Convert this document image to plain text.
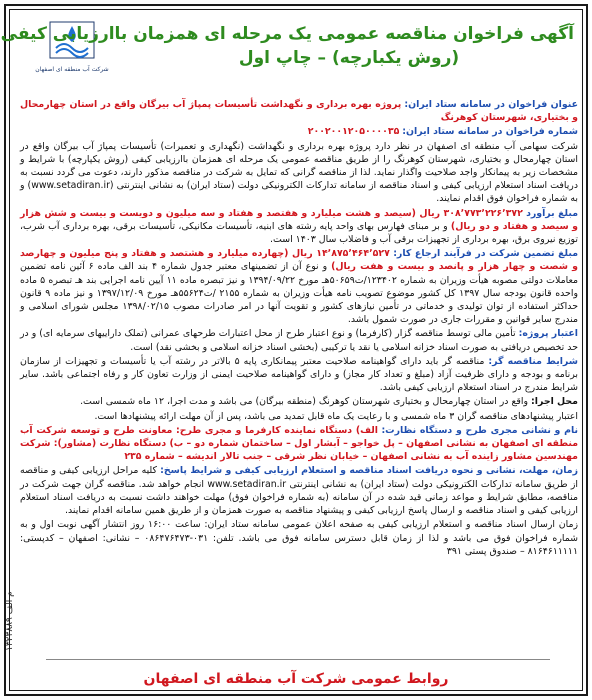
م الف ۱۳۲۳۸۸۹
شرکت آب منطقه ای اصفهان
آگهی فراخوان مناقصه عمومی یک مرحله ای همزمان باارزیابی کیفی
(روش یکبارچه) – چاپ اول

عنوان فراخوان در سامانه ستاد ایران: پروژه بهره برداری و نگهداشت تأسیسات پمپاژ آب بیرگان واقع در استان چهارمحال و بختیاری، شهرستان کوهرنگ

شماره فراخوان در سامانه ستاد ایران: ۲۰۰۲۰۰۱۲۰۵۰۰۰۰۳۵

شرکت سهامی آب منطقه ای اصفهان در نظر دارد پروژه بهره برداری و نگهداشت (نگهداری و تعمیرات) تأسیسات پمپاژ آب بیرگان واقع در استان چهارمحال و بختیاری، شهرستان کوهرنگ را از طریق مناقصه عمومی یک مرحله ای همزمان باارزیابی کیفی (روش یکپارچه) با شرایط و مشخصات زیر به پیمانکار واجد صلاحیت واگذار نماید. لذا از مناقصه گرانی که تمایل به شرکت در مناقصه مذکور دارند، دعوت می گردد نسبت به دریافت اسناد استعلام ارزیابی کیفی و اسناد مناقصه از سامانه تدارکات الکترونیکی دولت (ستاد ایران) به نشانی اینترنتی (www.setadiran.ir) و به شماره فراخوان فوق اقدام نمایند.

مبلغ برآورد ۳۰۸٬۷۷۳٬۲۲۶٬۳۷۲ ریال (سیصد و هشت میلیارد و هفتصد و هفتاد و سه میلیون و دویست و بیست و شش هزار و سیصد و هفتاد و دو ریال) و بر مبنای فهارس بهای واحد پایه رشته های ابنیه، تأسیسات مکانیکی، تأسیسات برقی، بهره برداری آب شرب، توزیع نیروی برق، بهره برداری از تجهیزات برقی آب و فاضلاب سال ۱۴۰۳ است.

مبلغ تضمین شرکت در فرآیند ارجاع کار: ۱۴٬۸۷۵٬۴۶۴٬۵۲۷ ریال (چهارده میلیارد و هشتصد و هفتاد و پنج میلیون و چهارصد و شصت و چهار هزار و پانصد و بیست و هفت ریال) و نوع آن از تضمینهای معتبر جدول شماره ۴ بند الف ماده ۶ آئین نامه تضمین معاملات دولتی مصوبه هیأت وزیران به شماره ۱۲۳۴۰۲/ت۵۰۶۵۹هـ مورخ ۱۳۹۴/۰۹/۲۲ و نیز تبصره ماده ۱۱ آیین نامه اجرایی بند هـ تبصره ۵ ماده واحده قانون بودجه سال ۱۳۹۷ کل کشور موضوع تصویب نامه هیأت وزیران به شماره ۲۱۵۵ /ت۵۵۶۲۴هـ مورخ ۱۳۹۷/۱۲/۰۹ و نیز ماده ۹ قانون حداکثر استفاده از توان تولیدی و خدماتی در تأمین نیازهای کشور و تقویت آنها در امر صادرات مصوب ۱۳۹۸/۰۲/۱۵ مجلس شورای اسلامی و مندرج سایر قوانین و مقررات جاری در صورت شمول باشد.

اعتبار پروژه: تأمین مالی توسط مناقصه گزار (کارفرما) و نوع اعتبار طرح از محل اعتبارات طرحهای عمرانی (تملک داراییهای سرمایه ای) و در حد تخصیص دریافتی به صورت اسناد خزانه اسلامی یا نقد یا ترکیبی (بخشی اسناد خزانه اسلامی و بخشی نقد) است.

شرایط مناقصه گر: مناقصه گر باید دارای گواهینامه صلاحیت معتبر پیمانکاری پایه ۵ بالاتر در رشته آب یا تأسیسات و تجهیزات از سازمان برنامه و بودجه و دارای ظرفیت آزاد (مبلغ و تعداد کار مجاز) و دارای گواهینامه صلاحیت ایمنی از وزارت تعاون کار و رفاه اجتماعی باشد. سایر شرایط مندرج در اسناد استعلام ارزیابی کیفی باشد.

محل اجرا: واقع در استان چهارمحال و بختیاری شهرستان کوهرنگ (منطقه بیرگان) می باشد و مدت اجرا، ۱۲ ماه شمسی است.

اعتبار پیشنهادهای مناقصه گران ۳ ماه شمسی و با رعایت یک ماه قابل تمدید می باشد، پس از آن مهلت ارائه پیشنهادها است.

نام و نشانی مجری طرح و دستگاه نظارت: الف) دستگاه نماینده کارفرما و مجری طرح: معاونت طرح و توسعه شرکت آب منطقه ای اصفهان به نشانی اصفهان – پل خواجو – آبشار اول – ساختمان شماره دو – ب) دستگاه نظارت (مشاور): شرکت مهندسین مشاور زاینده آب به نشانی اصفهان – خیابان نظر شرقی – جنب تالار اندیشه – شماره ۲۳۵

زمان، مهلت، نشانی و نحوه دریافت اسناد مناقصه و استعلام ارزیابی کیفی و شرایط پاسخ: کلیه مراحل ارزیابی کیفی و مناقصه از طریق سامانه تدارکات الکترونیکی دولت (ستاد ایران) به نشانی اینترنتی www.setadiran.ir انجام خواهد شد. مناقصه گران جهت شرکت در مناقصه، مطابق شرایط و مواعد زمانی قید شده در آن سامانه (به شماره فراخوان فوق) مهلت خواهند داشت نسبت به دریافت اسناد استعلام ارزیابی کیفی و اسناد مناقصه و ارسال پاسخ ارزیابی کیفی و پیشنهاد مناقصه به صورت همزمان و از طریق همین سامانه اقدام نمایند.

زمان ارسال اسناد مناقصه و استعلام ارزیابی کیفی به صفحه اعلان عمومی سامانه ستاد ایران: ساعت ۱۶:۰۰ روز انتشار آگهی نوبت اول و به شماره فراخوان فوق می باشد و لذا از زمان قابل دسترس سامانه فوق می باشد. تلفن: ۰۳۱-۰۸۶۴۷۶۴۷۳ – نشانی: اصفهان – کدپستی: ۸۱۶۴۶۱۱۱۱۱ – صندوق پستی ۳۹۱

روابط عمومی شرکت آب منطقه ای اصفهان
